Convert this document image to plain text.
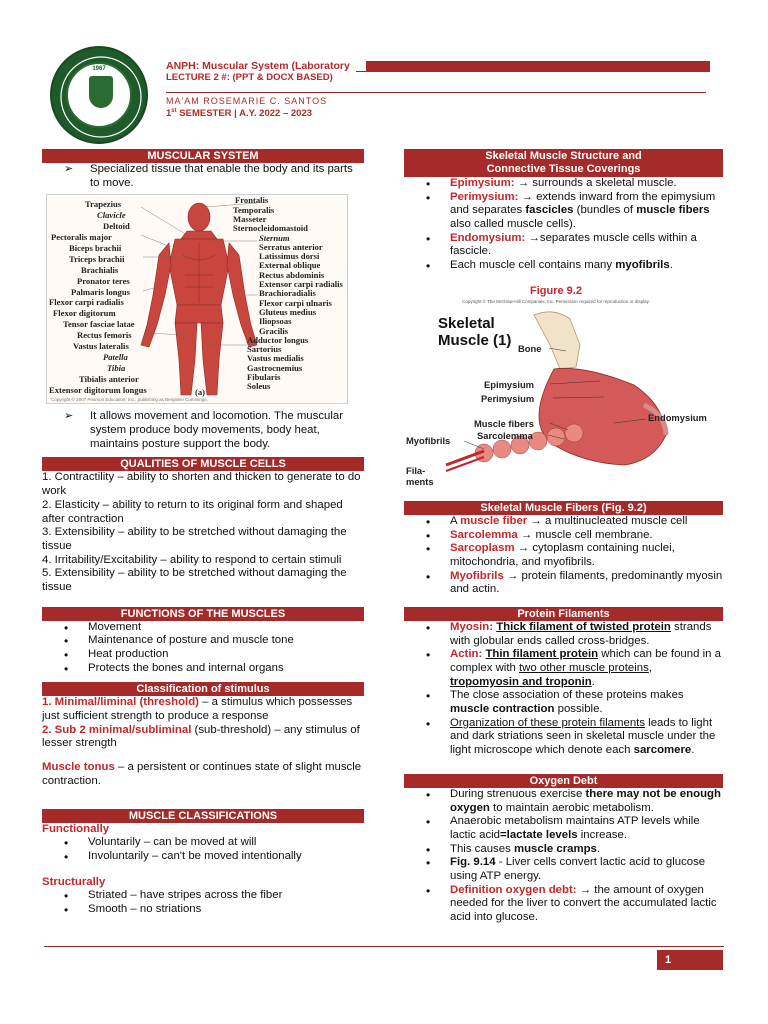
1967	ANPH: Muscular System (Laboratory
LECTURE 2 #: (PPT & DOCX BASED)
MA'AM ROSEMARIE C. SANTOS
1st SEMESTER | A.Y. 2022 – 2023
MUSCULAR SYSTEM
➢ Specialized tissue that enable the body and its parts to move.
Copyright © 2007 Pearson Education, Inc., publishing as Benjamin Cummings.
(a)
Trapezius
Clavicle
Deltoid
Pectoralis major
Biceps brachii
Triceps brachii
Brachialis
Pronator teres
Palmaris longus
Flexor carpi radialis
Flexor digitorum
Tensor fasciae latae
Rectus femoris
Vastus lateralis
Patella
Tibia
Tibialis anterior
Extensor digitorum longus
Frontalis
Temporalis
Masseter
Sternocleidomastoid
Sternum
Serratus anterior
Latissimus dorsi
External oblique
Rectus abdominis
Extensor carpi radialis
Brachioradialis
Flexor carpi ulnaris
Gluteus medius
Iliopsoas
Gracilis
Adductor longus
Sartorius
Vastus medialis
Gastrocnemius
Fibularis
Soleus
➢ It allows movement and locomotion. The muscular system produce body movements, body heat, maintains posture support the body.
QUALITIES OF MUSCLE CELLS
1. Contractility – ability to shorten and thicken to generate to do work
2. Elasticity – ability to return to its original form and shaped after contraction
3. Extensibility – ability to be stretched without damaging the tissue
4. Irritability/Excitability – ability to respond to certain stimuli
5. Extensibility – ability to be stretched without damaging the tissue
FUNCTIONS OF THE MUSCLES
• Movement
• Maintenance of posture and muscle tone
• Heat production
• Protects the bones and internal organs
Classification of stimulus
1. Minimal/liminal (threshold) – a stimulus which possesses just sufficient strength to produce a response
2. Sub 2 minimal/subliminal (sub-threshold) – any stimulus of lesser strength
Muscle tonus – a persistent or continues state of slight muscle contraction.
MUSCLE CLASSIFICATIONS
Functionally
• Voluntarily – can be moved at will
• Involuntarily – can't be moved intentionally
Structurally
• Striated – have stripes across the fiber
• Smooth – no striations
Skeletal Muscle Structure and
Connective Tissue Coverings
• Epimysium: → surrounds a skeletal muscle.
• Perimysium: → extends inward from the epimysium and separates fascicles (bundles of muscle fibers also called muscle cells).
• Endomysium: →separates muscle cells within a fascicle.
• Each muscle cell contains many myofibrils.
Figure 9.2
Copyright © The McGraw-Hill Companies, Inc. Permission required for reproduction or display.
Skeletal
Muscle (1) Bone
Epimysium
Perimysium
Endomysium
Muscle fibers
Sarcolemma
Myofibrils
Fila-
ments
Skeletal Muscle Fibers (Fig. 9.2)
• A muscle fiber → a multinucleated muscle cell
• Sarcolemma → muscle cell membrane.
• Sarcoplasm → cytoplasm containing nuclei, mitochondria, and myofibrils.
• Myofibrils → protein filaments, predominantly myosin and actin.
Protein Filaments
• Myosin: Thick filament of twisted protein strands with globular ends called cross-bridges.
• Actin: Thin filament protein which can be found in a complex with two other muscle proteins, tropomyosin and troponin.
• The close association of these proteins makes muscle contraction possible.
• Organization of these protein filaments leads to light and dark striations seen in skeletal muscle under the light microscope which denote each sarcomere.
Oxygen Debt
• During strenuous exercise there may not be enough oxygen to maintain aerobic metabolism.
• Anaerobic metabolism maintains ATP levels while lactic acid=lactate levels increase.
• This causes muscle cramps.
• Fig. 9.14 - Liver cells convert lactic acid to glucose using ATP energy.
• Definition oxygen debt: → the amount of oxygen needed for the liver to convert the accumulated lactic acid into glucose.
1
